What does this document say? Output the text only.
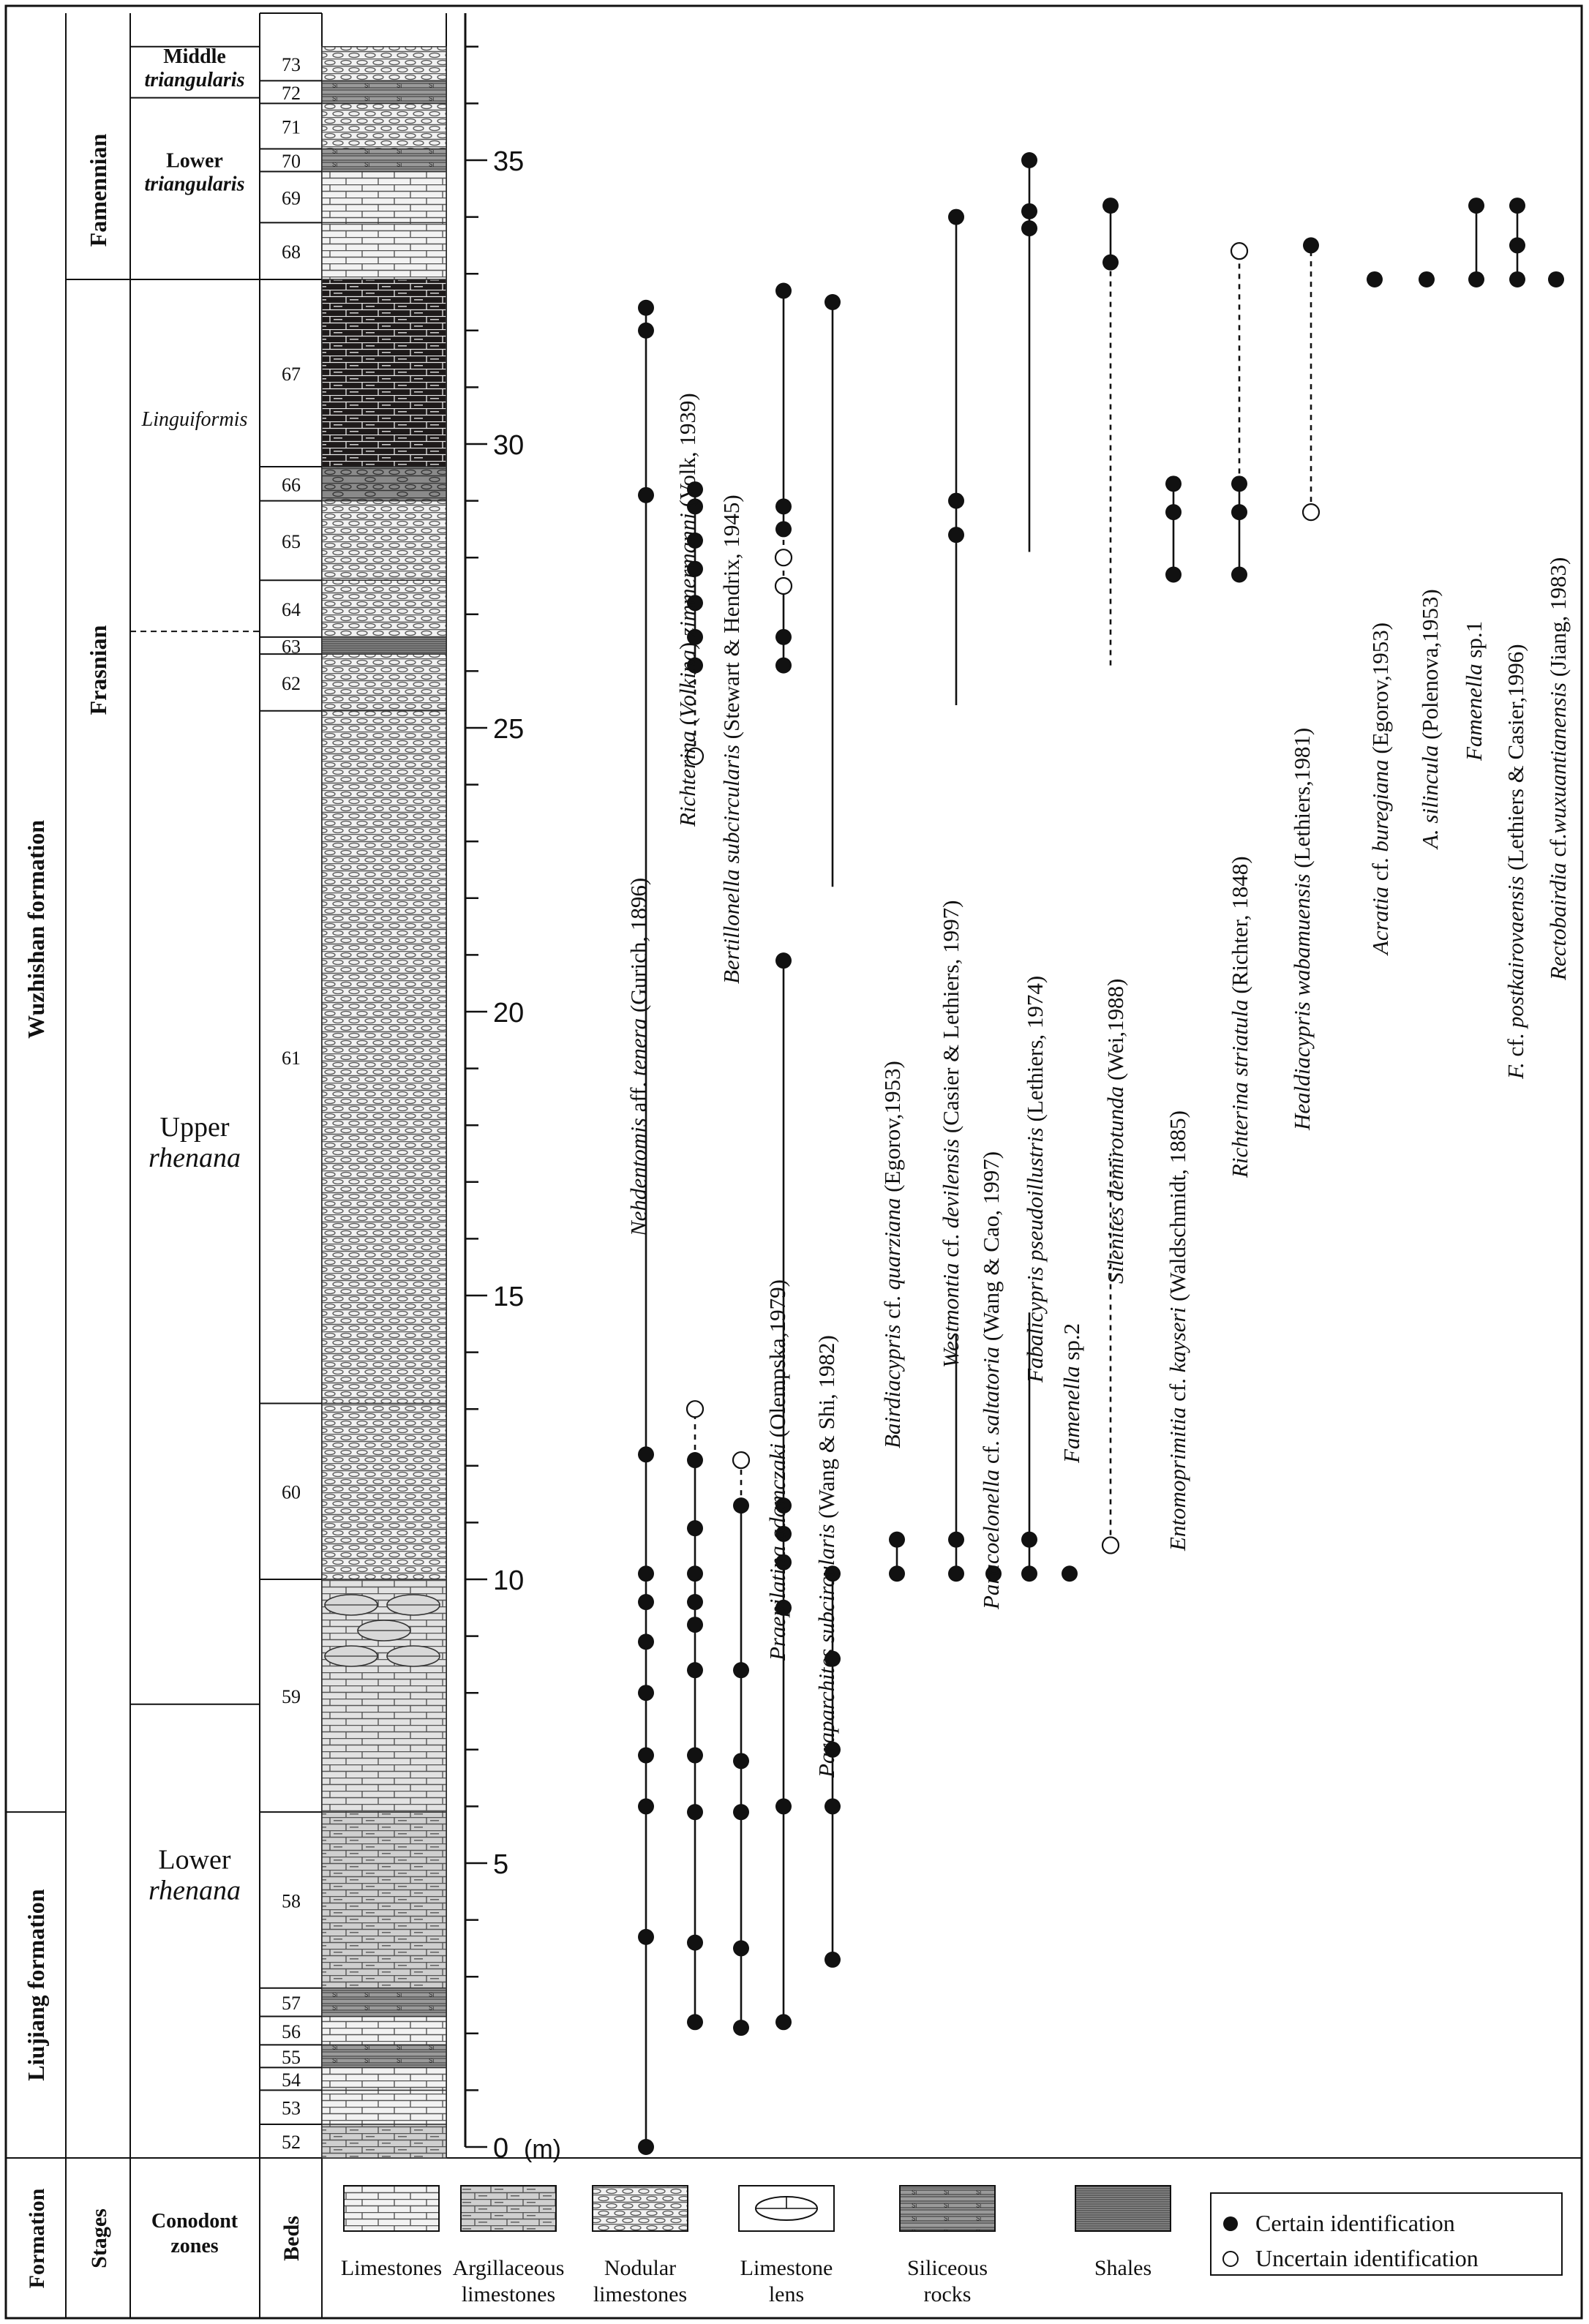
Formation Stages Conodont zones	Beds
Wuzhishan formation
Liujiang formation
Famennian
Frasnian
Middle triangularis
Lower triangularis
Linguiformis
Upper rhenana
Lower rhenana
52
53
54
55
56
57
58
59
60
61
62
63
64
65
66
67
68
69
70
71
72
73
0
5
10
15
20
25
30
35
(m)
Nehdentomis aff. tenera (Gurich, 1896)
Richterina (Volkina) zimmermanni (Volk, 1939)
Bertillonella subcircularis (Stewart & Hendrix, 1945)
Praepilatina adamczaki (Olempska,1979)
Paraparchites subcircularis (Wang & Shi, 1982) Bairdiacypris cf. quarziana (Egorov,1953)
Westmontia cf. devilensis (Casier & Lethiers, 1997)
Paracoelonella cf. saltatoria (Wang & Cao, 1997) Fabalicypris pseudoillustris (Lethiers, 1974)
Famenella sp.2
Silenites demirotunda (Wei,1988)
Entomoprimitia cf. kayseri (Waldschmidt, 1885)
Richterina striatula (Richter, 1848) Healdiacypris wabamuensis (Lethiers,1981)
Acratia cf. buregiana (Egorov,1953)
A. silincula (Polenova,1953) Famenella sp.1
F. cf. postkairovaensis (Lethiers & Casier,1996)
Rectobairdia cf.wuxuantianensis (Jiang, 1983)
Limestones Argillaceous
limestones
Nodular
limestones
Limestone
lens
Siliceous
rocks
Shales
Certain identification
Uncertain identification
